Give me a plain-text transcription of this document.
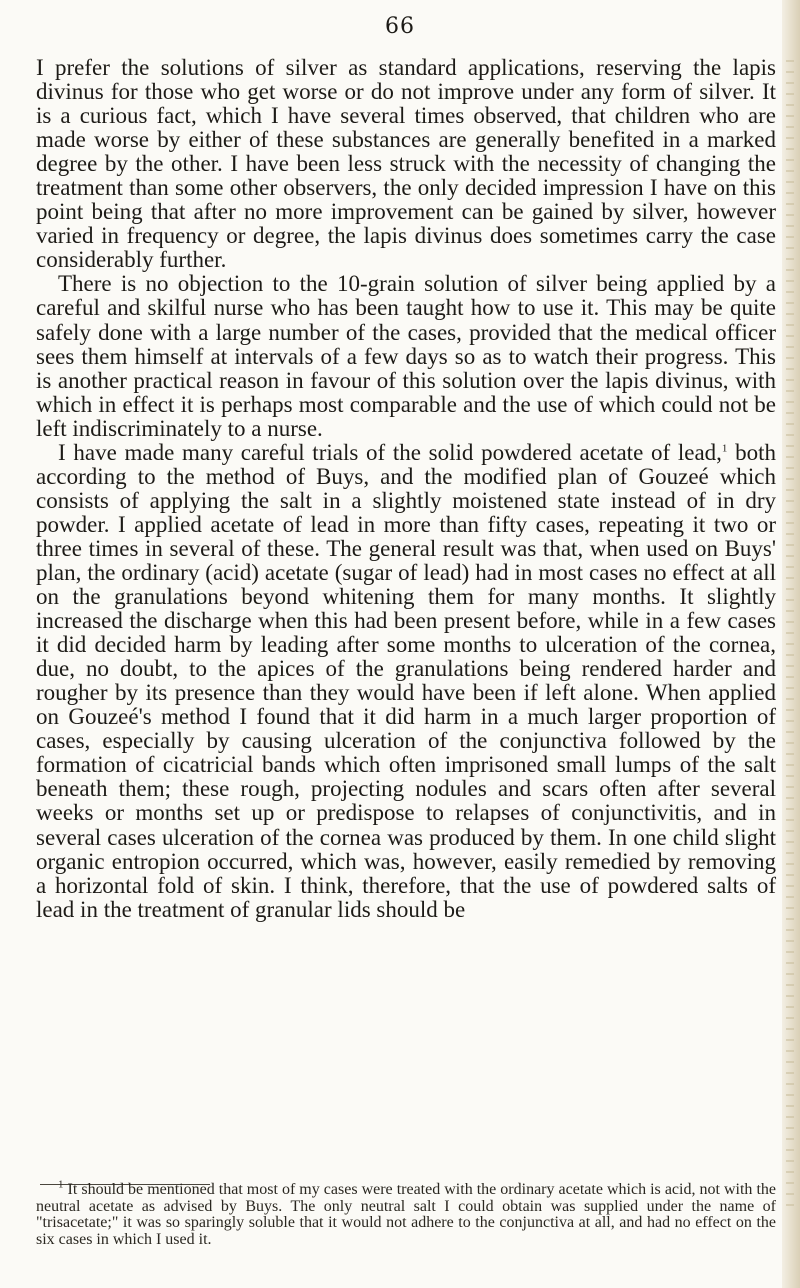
66

I prefer the solutions of silver as standard applications, reserving the lapis divinus for those who get worse or do not improve under any form of silver. It is a curious fact, which I have several times observed, that children who are made worse by either of these substances are generally benefited in a marked degree by the other. I have been less struck with the necessity of changing the treatment than some other observers, the only decided impression I have on this point being that after no more improvement can be gained by silver, however varied in frequency or degree, the lapis divinus does sometimes carry the case considerably further.

There is no objection to the 10-grain solution of silver being applied by a careful and skilful nurse who has been taught how to use it. This may be quite safely done with a large number of the cases, provided that the medical officer sees them himself at intervals of a few days so as to watch their progress. This is another practical reason in favour of this solution over the lapis divinus, with which in effect it is perhaps most comparable and the use of which could not be left indiscriminately to a nurse.

I have made many careful trials of the solid powdered acetate of lead,$^1$ both according to the method of Buys, and the modified plan of Gouzeé which consists of applying the salt in a slightly moistened state instead of in dry powder. I applied acetate of lead in more than fifty cases, repeating it two or three times in several of these. The general result was that, when used on Buys' plan, the ordinary (acid) acetate (sugar of lead) had in most cases no effect at all on the granulations beyond whitening them for many months. It slightly increased the discharge when this had been present before, while in a few cases it did decided harm by leading after some months to ulceration of the cornea, due, no doubt, to the apices of the granulations being rendered harder and rougher by its presence than they would have been if left alone. When applied on Gouzeé's method I found that it did harm in a much larger proportion of cases, especially by causing ulceration of the conjunctiva followed by the formation of cicatricial bands which often imprisoned small lumps of the salt beneath them; these rough, projecting nodules and scars often after several weeks or months set up or predispose to relapses of conjunctivitis, and in several cases ulceration of the cornea was produced by them. In one child slight organic entropion occurred, which was, however, easily remedied by removing a horizontal fold of skin. I think, therefore, that the use of powdered salts of lead in the treatment of granular lids should be

$^1$ It should be mentioned that most of my cases were treated with the ordinary acetate which is acid, not with the neutral acetate as advised by Buys. The only neutral salt I could obtain was supplied under the name of "trisacetate;" it was so sparingly soluble that it would not adhere to the conjunctiva at all, and had no effect on the six cases in which I used it.
